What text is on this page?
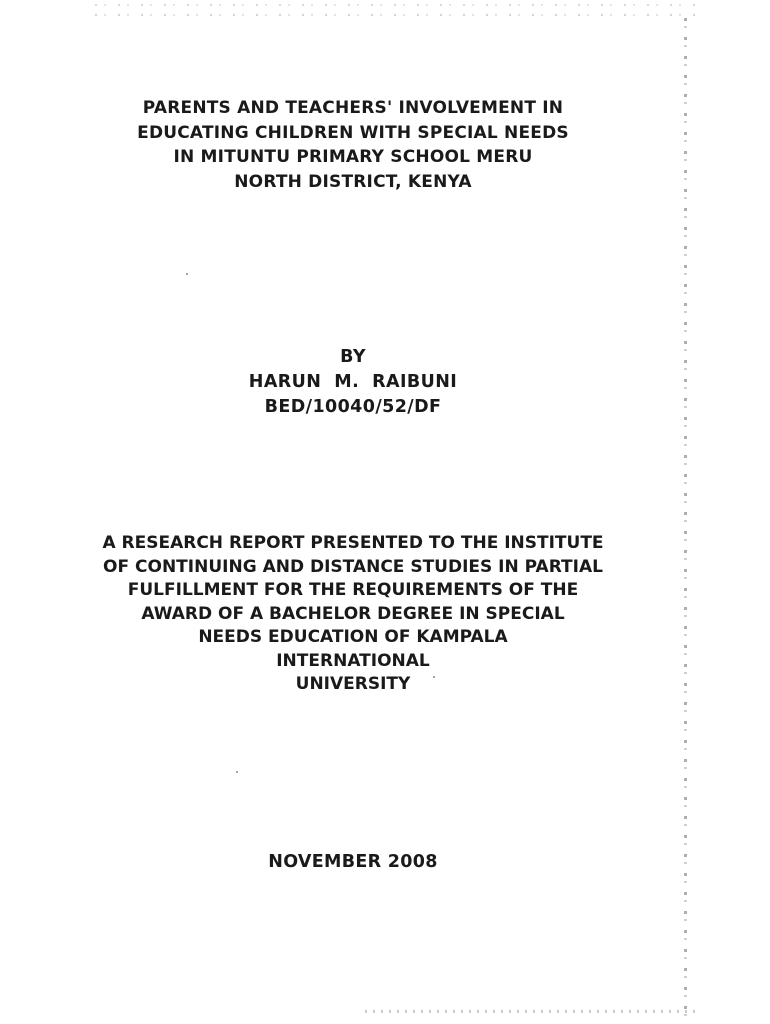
PARENTS AND TEACHERS' INVOLVEMENT IN
EDUCATING CHILDREN WITH SPECIAL NEEDS
IN MITUNTU PRIMARY SCHOOL MERU
NORTH DISTRICT, KENYA
BY
HARUN  M.  RAIBUNI
BED/10040/52/DF
A RESEARCH REPORT PRESENTED TO THE INSTITUTE
OF CONTINUING AND DISTANCE STUDIES IN PARTIAL
FULFILLMENT FOR THE REQUIREMENTS OF THE
AWARD OF A BACHELOR DEGREE IN SPECIAL
NEEDS EDUCATION OF KAMPALA
INTERNATIONAL
UNIVERSITY
NOVEMBER 2008
